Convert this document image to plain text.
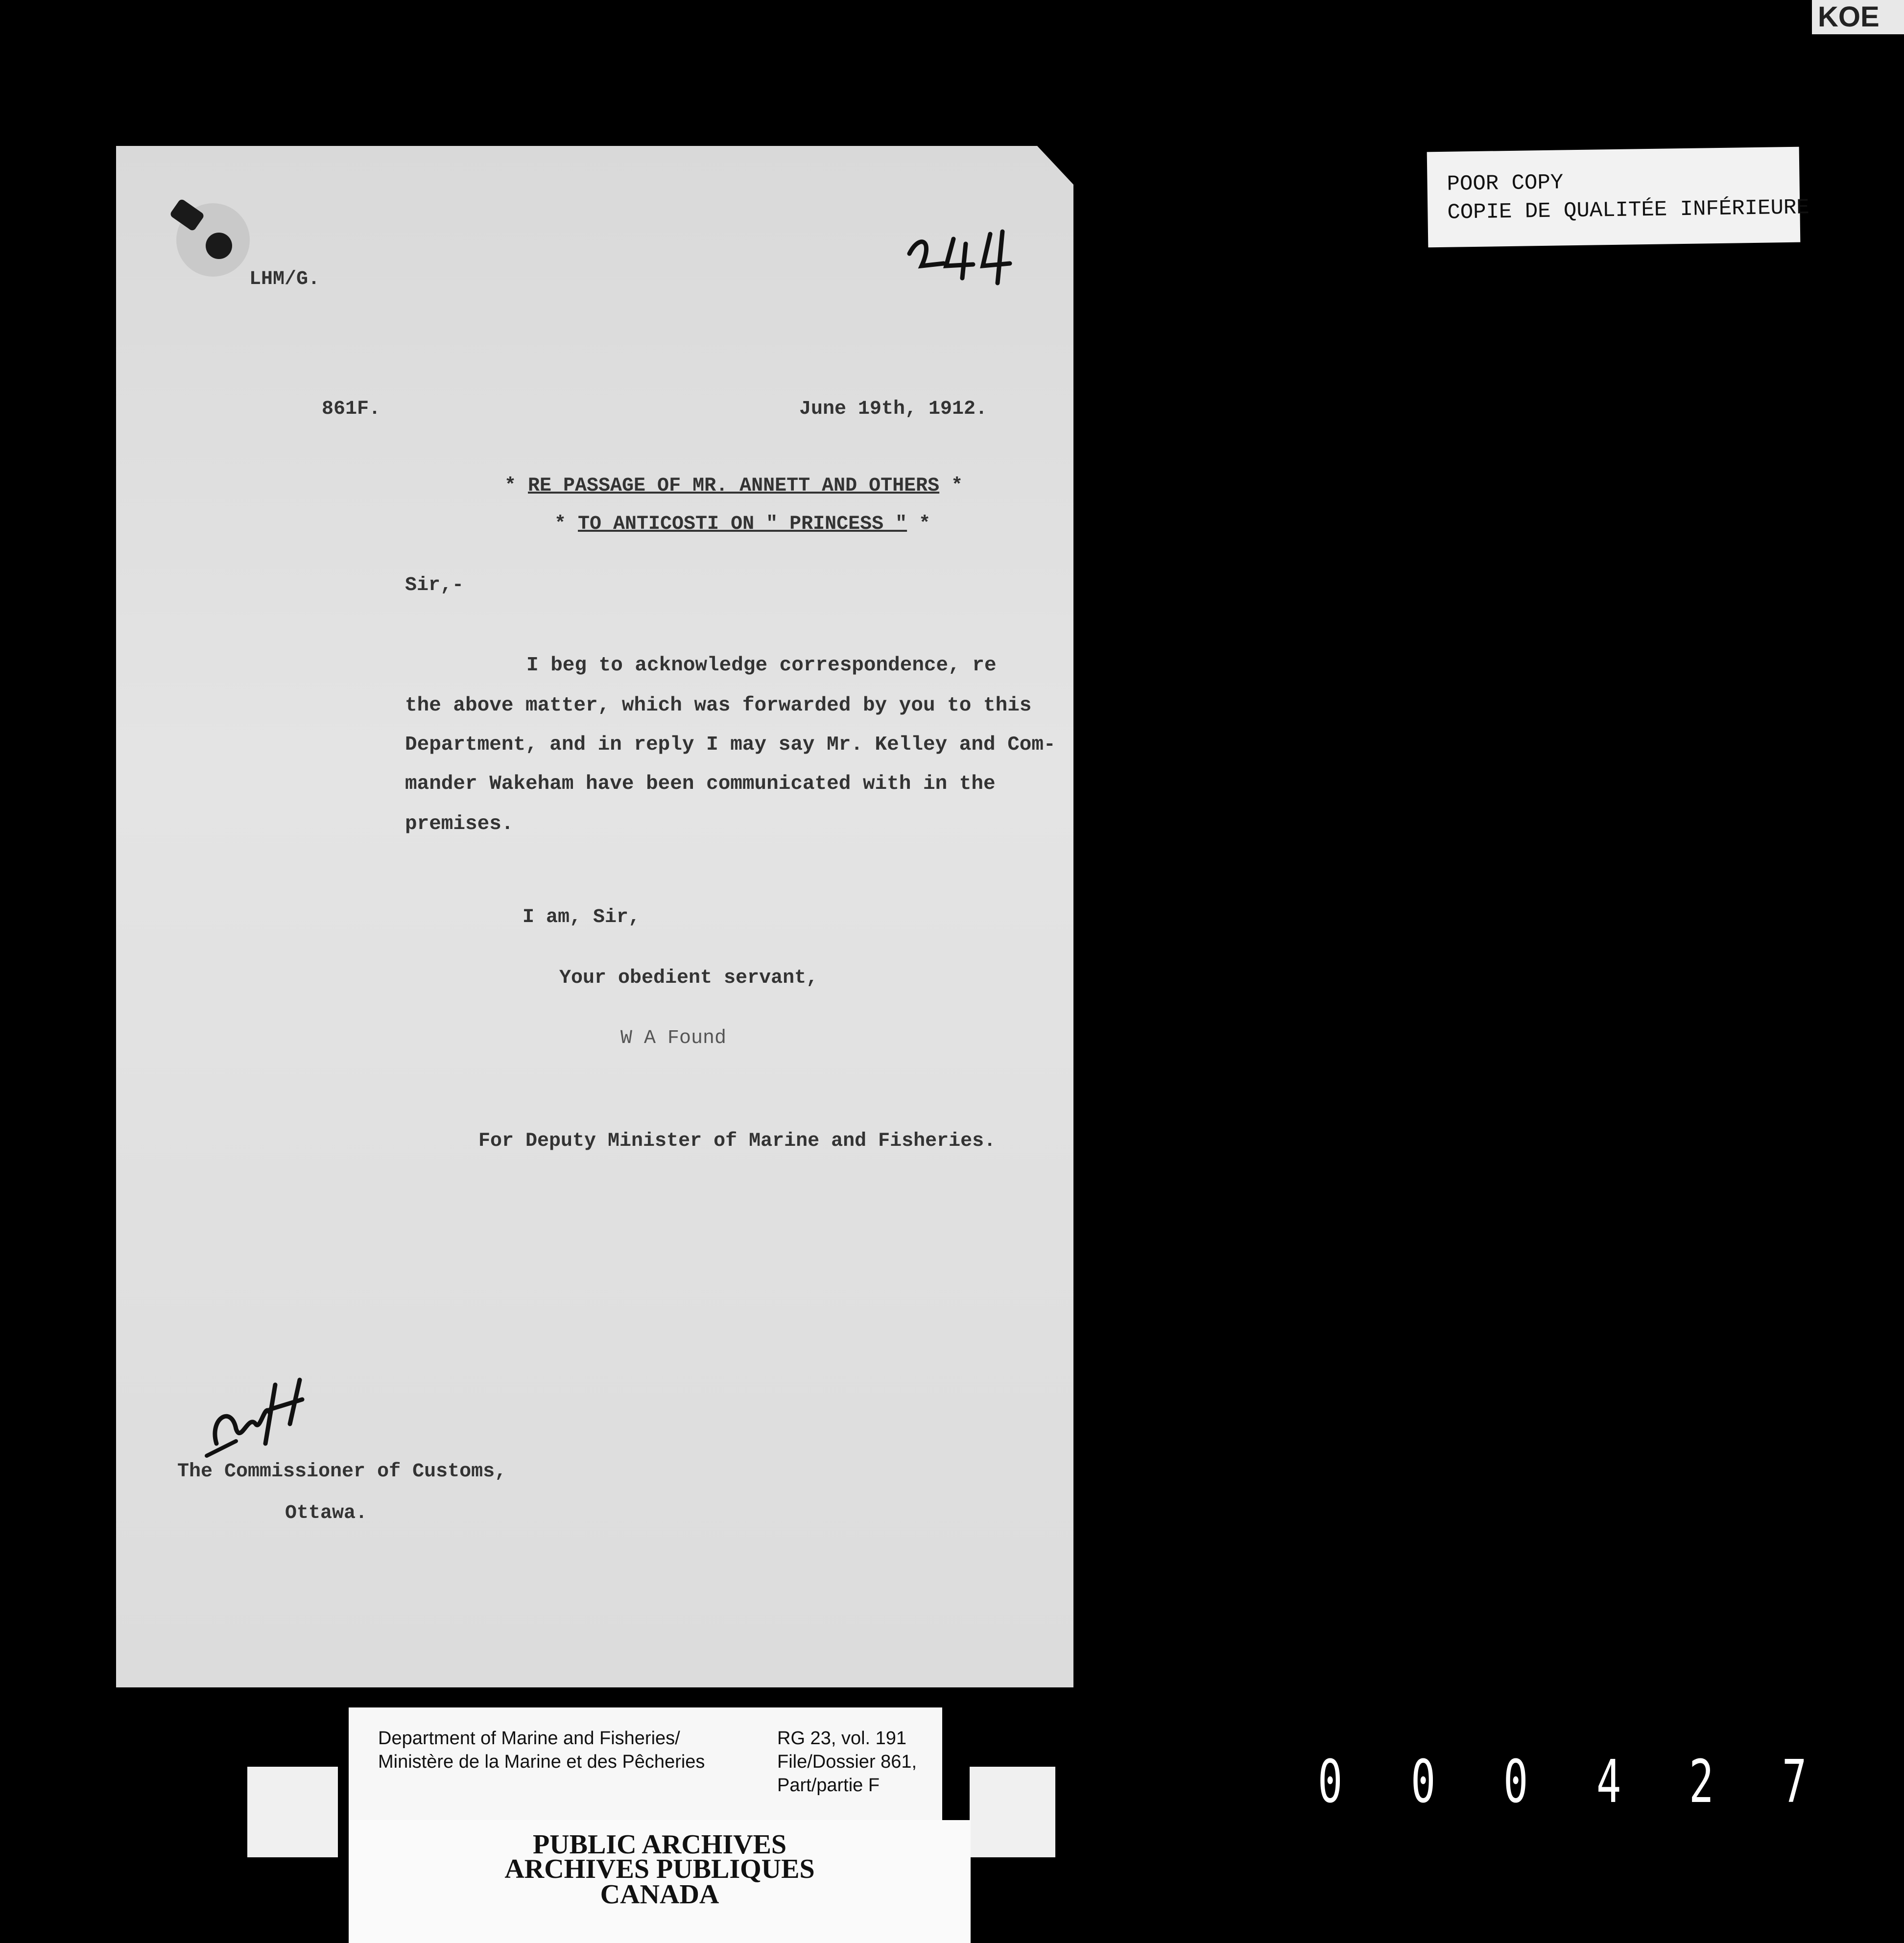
KOE
LHM/G.
861F.	June 19th, 1912.
* RE PASSAGE OF MR. ANNETT AND OTHERS *
* TO ANTICOSTI ON " PRINCESS " *
Sir,-
I beg to acknowledge correspondence, re
the above matter, which was forwarded by you to this
Department, and in reply I may say Mr. Kelley and Com-
mander Wakeham have been communicated with in the
premises.
I am, Sir,
Your obedient servant,
W A Found
For Deputy Minister of Marine and Fisheries.
The Commissioner of Customs,
Ottawa.
POOR COPY
COPIE DE QUALITÉE INFÉRIEURE
Department of Marine and Fisheries/
Ministère de la Marine et des Pêcheries
RG 23, vol. 191
File/Dossier 861,
Part/partie F
PUBLIC ARCHIVES
ARCHIVES PUBLIQUES
CANADA
0 0 0 4 2 7
